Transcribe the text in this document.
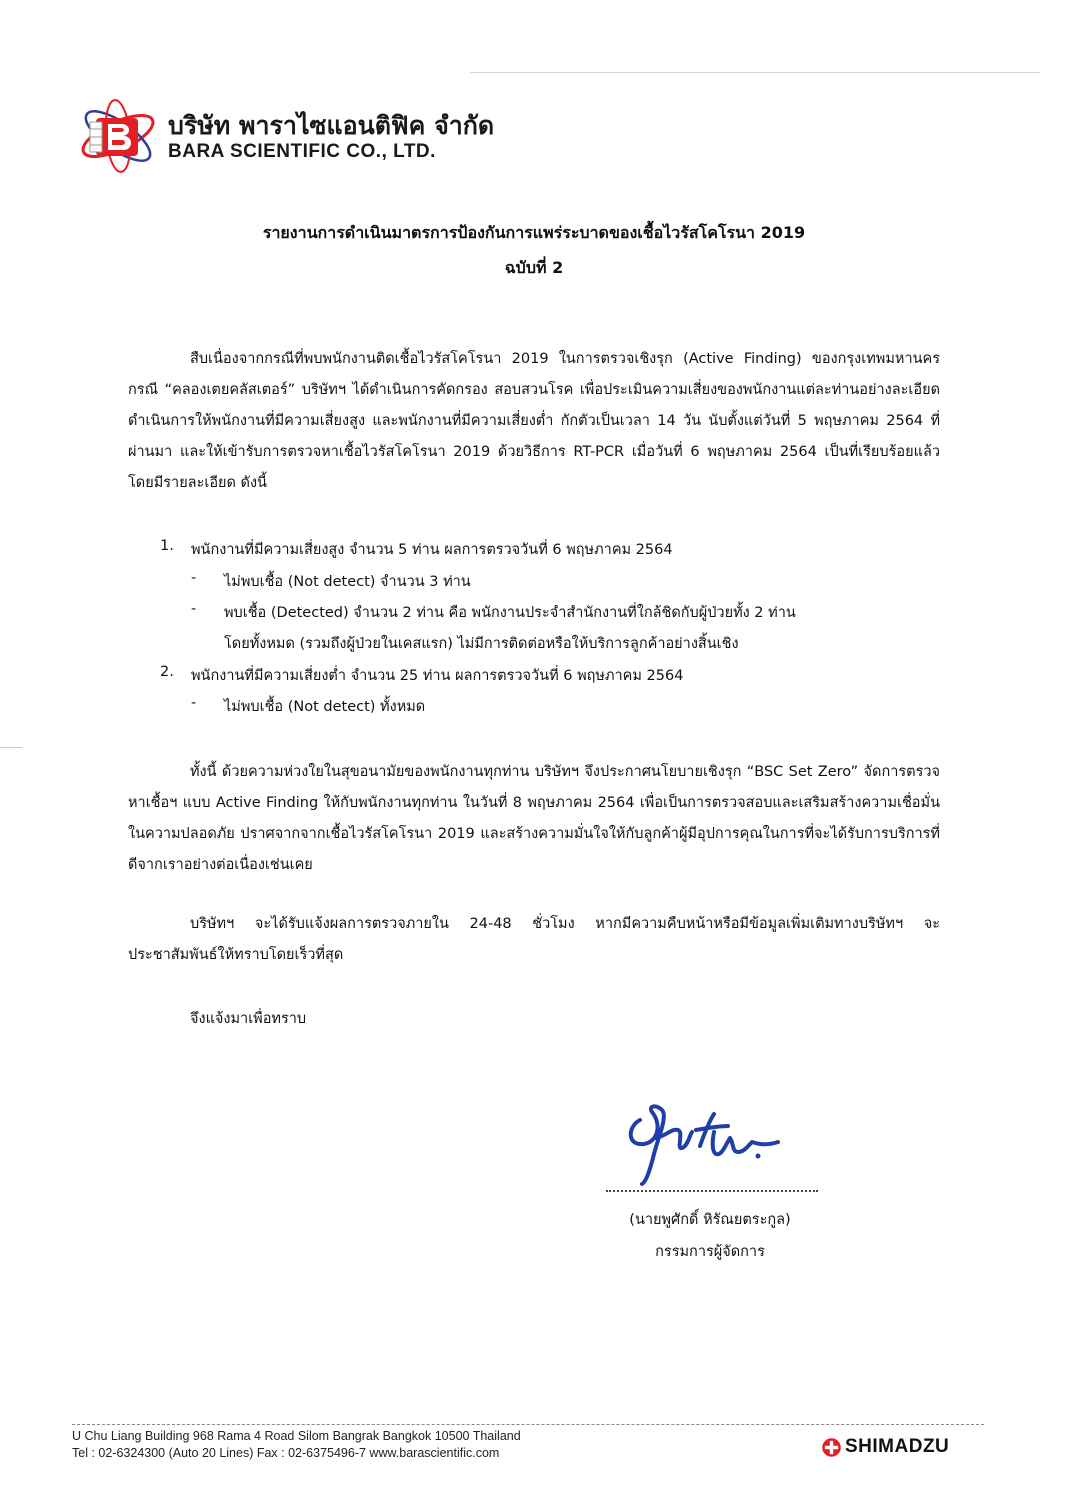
บริษัท พาราไซแอนติฟิค จำกัด
BARA SCIENTIFIC CO., LTD.
รายงานการดำเนินมาตรการป้องกันการแพร่ระบาดของเชื้อไวรัสโคโรนา 2019
ฉบับที่ 2
สืบเนื่องจากกรณีที่พบพนักงานติดเชื้อไวรัสโคโรนา 2019 ในการตรวจเชิงรุก (Active Finding) ของกรุงเทพมหานคร กรณี “คลองเตยคลัสเตอร์” บริษัทฯ ได้ดำเนินการคัดกรอง สอบสวนโรค เพื่อประเมินความเสี่ยงของพนักงานแต่ละท่านอย่างละเอียด ดำเนินการให้พนักงานที่มีความเสี่ยงสูง และพนักงานที่มีความเสี่ยงต่ำ กักตัวเป็นเวลา 14 วัน นับตั้งแต่วันที่ 5 พฤษภาคม 2564 ที่ผ่านมา และให้เข้ารับการตรวจหาเชื้อไวรัสโคโรนา 2019 ด้วยวิธีการ RT-PCR เมื่อวันที่ 6 พฤษภาคม 2564 เป็นที่เรียบร้อยแล้ว โดยมีรายละเอียด ดังนี้
1. พนักงานที่มีความเสี่ยงสูง จำนวน 5 ท่าน ผลการตรวจวันที่ 6 พฤษภาคม 2564
- ไม่พบเชื้อ (Not detect) จำนวน 3 ท่าน
- พบเชื้อ (Detected) จำนวน 2 ท่าน คือ พนักงานประจำสำนักงานที่ใกล้ชิดกับผู้ป่วยทั้ง 2 ท่าน
โดยทั้งหมด (รวมถึงผู้ป่วยในเคสแรก) ไม่มีการติดต่อหรือให้บริการลูกค้าอย่างสิ้นเชิง
2. พนักงานที่มีความเสี่ยงต่ำ จำนวน 25 ท่าน ผลการตรวจวันที่ 6 พฤษภาคม 2564
- ไม่พบเชื้อ (Not detect) ทั้งหมด
ทั้งนี้ ด้วยความห่วงใยในสุขอนามัยของพนักงานทุกท่าน บริษัทฯ จึงประกาศนโยบายเชิงรุก “BSC Set Zero” จัดการตรวจหาเชื้อฯ แบบ Active Finding ให้กับพนักงานทุกท่าน ในวันที่ 8 พฤษภาคม 2564 เพื่อเป็นการตรวจสอบและเสริมสร้างความเชื่อมั่นในความปลอดภัย ปราศจากจากเชื้อไวรัสโคโรนา 2019 และสร้างความมั่นใจให้กับลูกค้าผู้มีอุปการคุณในการที่จะได้รับการบริการที่ดีจากเราอย่างต่อเนื่องเช่นเคย
บริษัทฯ จะได้รับแจ้งผลการตรวจภายใน 24-48 ชั่วโมง หากมีความคืบหน้าหรือมีข้อมูลเพิ่มเติมทางบริษัทฯ จะประชาสัมพันธ์ให้ทราบโดยเร็วที่สุด
จึงแจ้งมาเพื่อทราบ
(นายพูศักดิ์ หิรัณยตระกูล)
กรรมการผู้จัดการ
U Chu Liang Building 968 Rama 4 Road Silom Bangrak Bangkok 10500 Thailand
Tel : 02-6324300 (Auto 20 Lines) Fax : 02-6375496-7 www.barascientific.com	SHIMADZU
